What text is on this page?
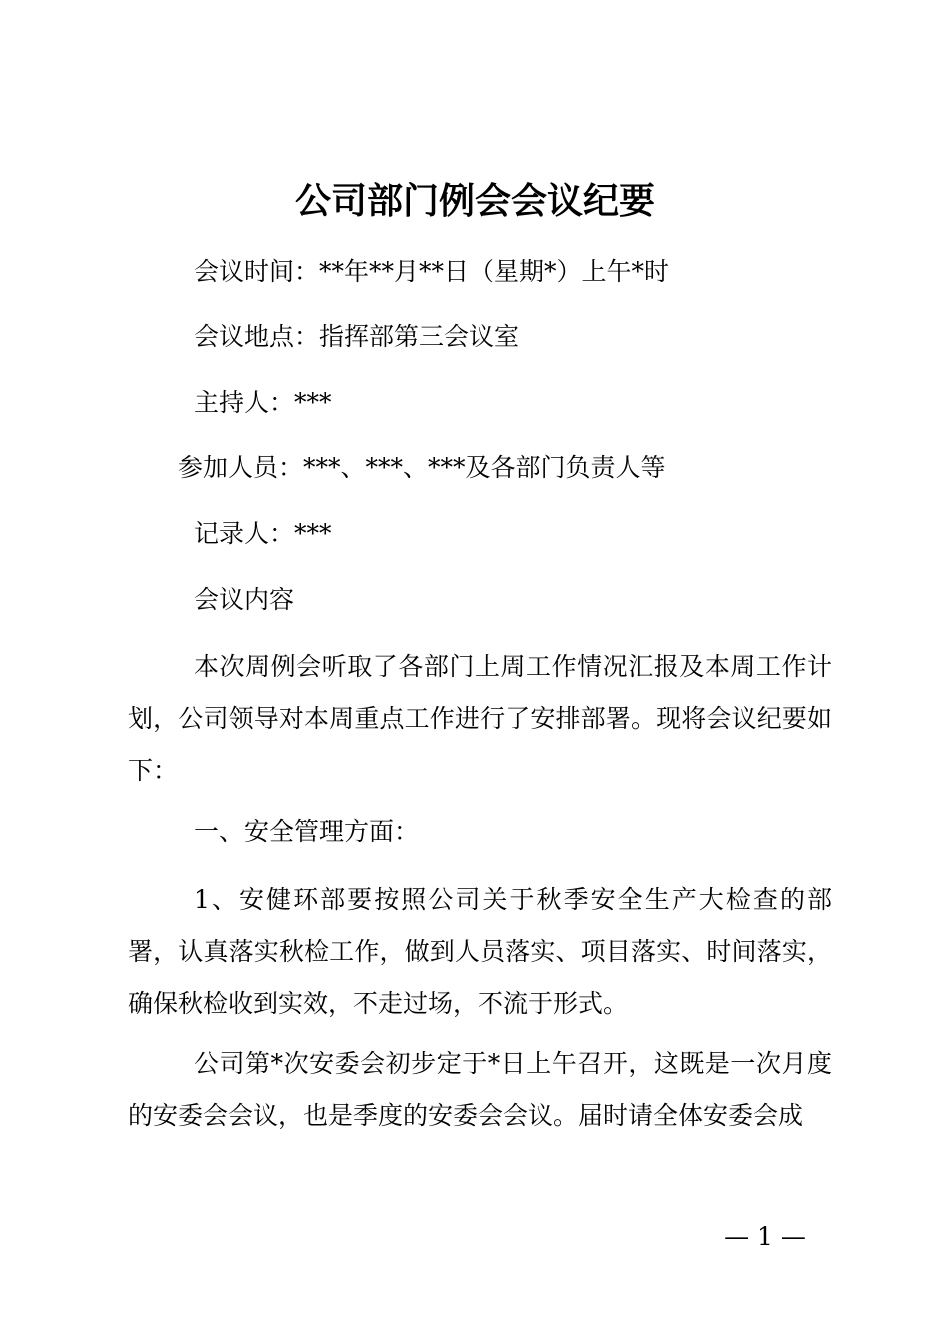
公司部门例会会议纪要
会议时间：**年**月**日（星期*）上午*时
会议地点：指挥部第三会议室
主持人：***
参加人员：***、***、***及各部门负责人等
记录人：***
会议内容
本次周例会听取了各部门上周工作情况汇报及本周工作计划，公司领导对本周重点工作进行了安排部署。现将会议纪要如下：
一、安全管理方面：
1、安健环部要按照公司关于秋季安全生产大检查的部署，认真落实秋检工作，做到人员落实、项目落实、时间落实，确保秋检收到实效，不走过场，不流于形式。
公司第*次安委会初步定于*日上午召开，这既是一次月度的安委会会议，也是季度的安委会会议。届时请全体安委会成
— 1 —
